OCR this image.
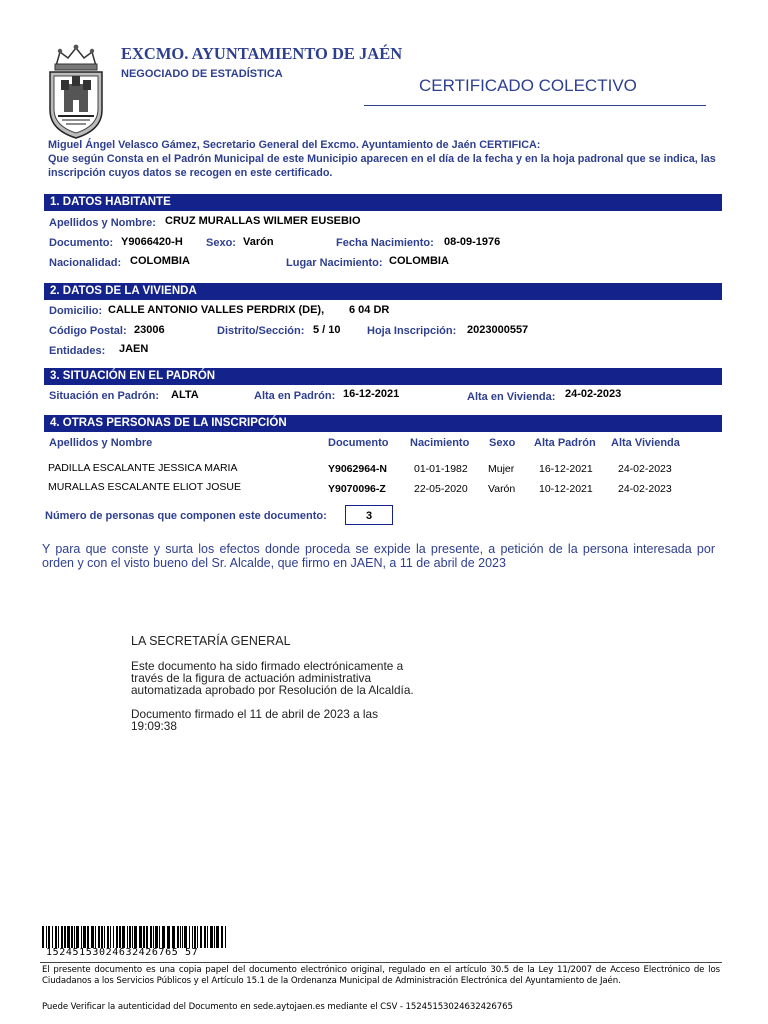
EXCMO. AYUNTAMIENTO DE JAÉN
NEGOCIADO DE ESTADÍSTICA
CERTIFICADO COLECTIVO
Miguel Ángel Velasco Gámez, Secretario General del Excmo. Ayuntamiento de Jaén CERTIFICA:
Que según Consta en el Padrón Municipal de este Municipio aparecen en el día de la fecha y en la hoja padronal que se indica, las inscripción cuyos datos se recogen en este certificado.
1. DATOS HABITANTE
Apellidos y Nombre: CRUZ MURALLAS WILMER EUSEBIO
Documento: Y9066420-H Sexo: Varón	Fecha Nacimiento: 08-09-1976
Nacionalidad: COLOMBIA	Lugar Nacimiento: COLOMBIA
2. DATOS DE LA VIVIENDA
Domicilio: CALLE ANTONIO VALLES PERDRIX (DE), 6 04 DR
Código Postal: 23006	Distrito/Sección: 5 / 10 Hoja Inscripción: 2023000557
Entidades: JAEN
3. SITUACIÓN EN EL PADRÓN
Situación en Padrón: ALTA	Alta en Padrón: 16-12-2021	Alta en Vivienda: 24-02-2023
4. OTRAS PERSONAS DE LA INSCRIPCIÓN
Apellidos y Nombre	Documento Nacimiento Sexo Alta Padrón Alta Vivienda
PADILLA ESCALANTE JESSICA MARIA	Y9062964-N	01-01-1982 Mujer 16-12-2021 24-02-2023
MURALLAS ESCALANTE ELIOT JOSUE	Y9070096-Z	22-05-2020 Varón 10-12-2021 24-02-2023
Número de personas que componen este documento:	3
Y para que conste y surta los efectos donde proceda se expide la presente, a petición de la persona interesada por orden y con el visto bueno del Sr. Alcalde, que firmo en JAEN, a 11 de abril de 2023
LA SECRETARÍA GENERAL
Este documento ha sido firmado electrónicamente a través de la figura de actuación administrativa automatizada aprobado por Resolución de la Alcaldía.
Documento firmado el 11 de abril de 2023 a las 19:09:38
15245153024632426765 57
El presente documento es una copia papel del documento electrónico original, regulado en el artículo 30.5 de la Ley 11/2007 de Acceso Electrónico de los Ciudadanos a los Servicios Públicos y el Artículo 15.1 de la Ordenanza Municipal de Administración Electrónica del Ayuntamiento de Jaén.
Puede Verificar la autenticidad del Documento en sede.aytojaen.es mediante el CSV - 15245153024632426765
